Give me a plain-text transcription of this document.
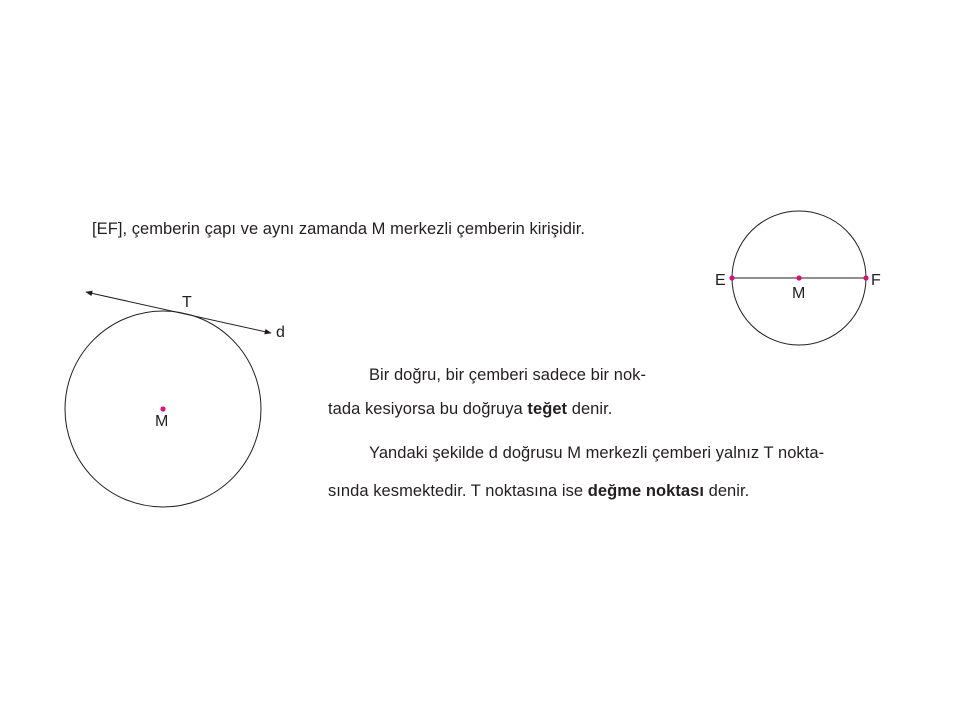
[EF], çemberin çapı ve aynı zamanda M merkezli çemberin kirişidir.
E	F
M
T
d
M
Bir doğru, bir çemberi sadece bir nok-
tada kesiyorsa bu doğruya teğet denir.
Yandaki şekilde d doğrusu M merkezli çemberi yalnız T nokta-
sında kesmektedir. T noktasına ise değme noktası denir.
